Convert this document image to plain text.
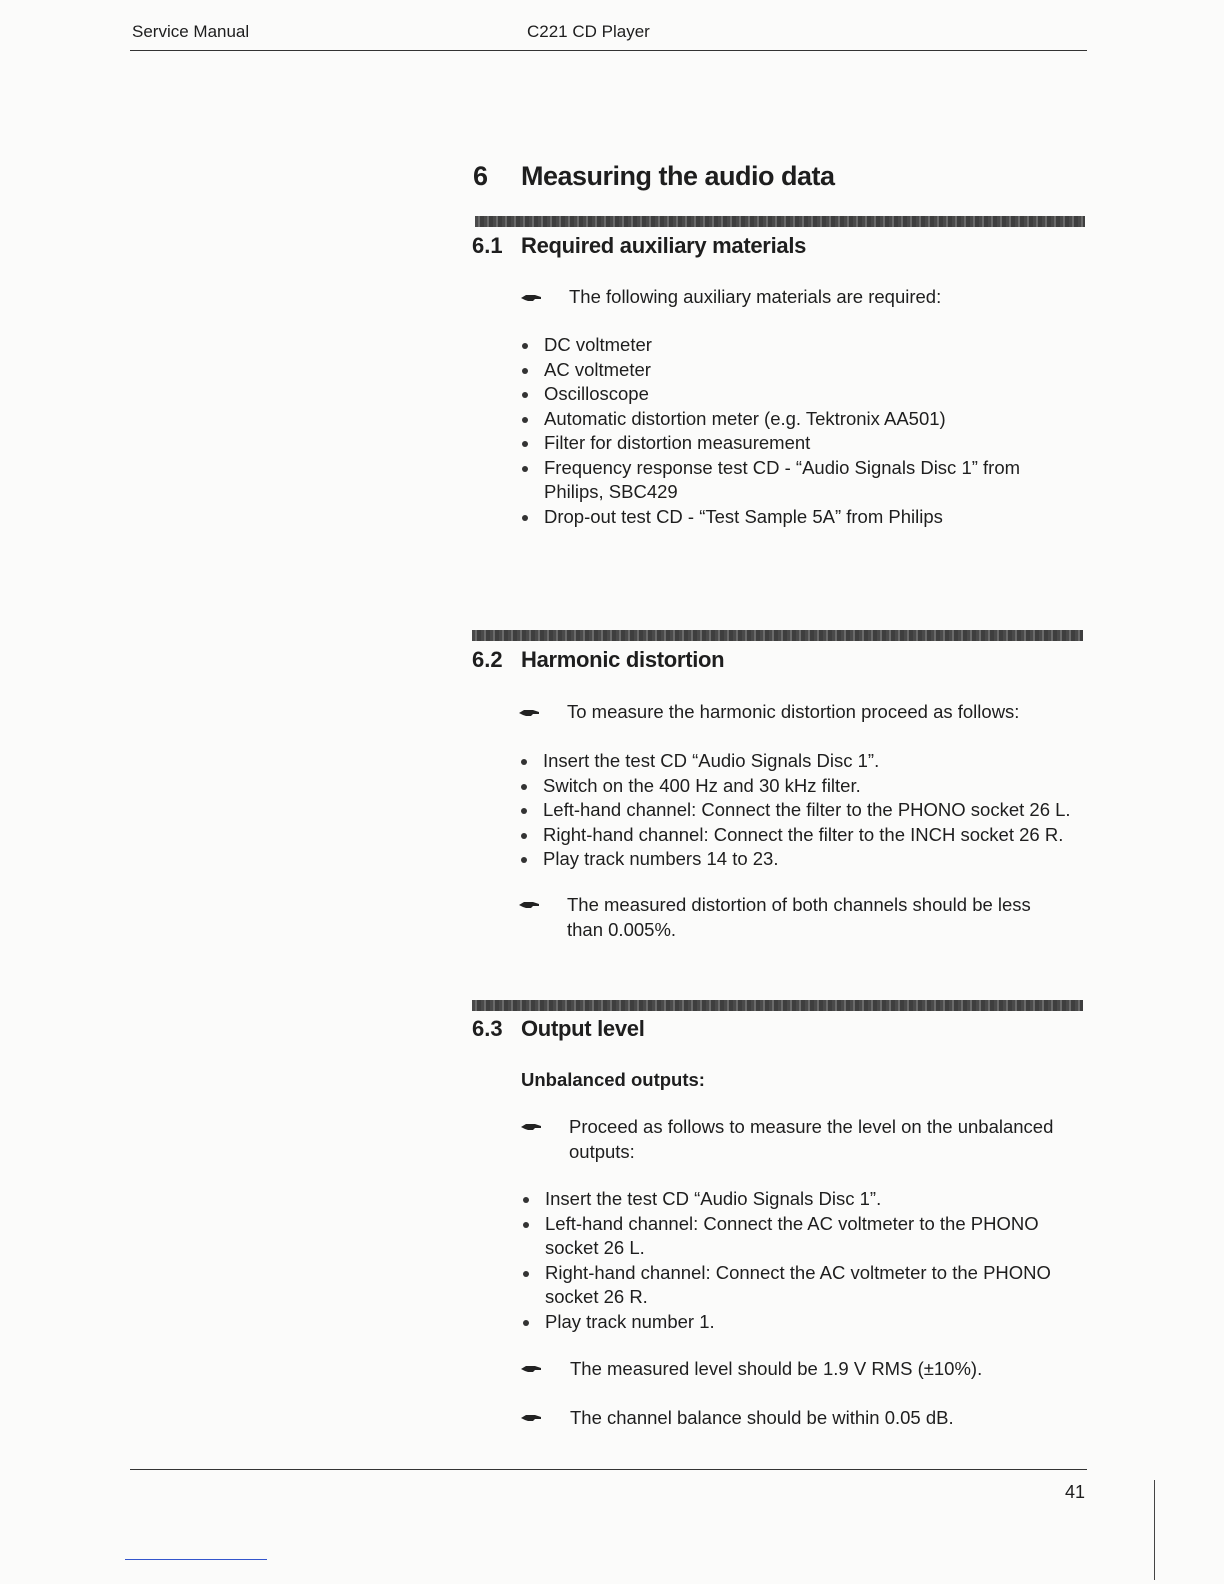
Service Manual	C221 CD Player
6 Measuring the audio data
6.1 Required auxiliary materials
The following auxiliary materials are required:
DC voltmeter
AC voltmeter
Oscilloscope
Automatic distortion meter (e.g. Tektronix AA501)
Filter for distortion measurement
Frequency response test CD - “Audio Signals Disc 1” from Philips, SBC429
Drop-out test CD - “Test Sample 5A” from Philips
6.2 Harmonic distortion
To measure the harmonic distortion proceed as follows:
Insert the test CD “Audio Signals Disc 1”.
Switch on the 400 Hz and 30 kHz filter.
Left-hand channel: Connect the filter to the PHONO socket 26 L.
Right-hand channel: Connect the filter to the INCH socket 26 R.
Play track numbers 14 to 23.
The measured distortion of both channels should be less than 0.005%.
6.3 Output level
Unbalanced outputs:
Proceed as follows to measure the level on the unbalanced outputs:
Insert the test CD “Audio Signals Disc 1”.
Left-hand channel: Connect the AC voltmeter to the PHONO socket 26 L.
Right-hand channel: Connect the AC voltmeter to the PHONO socket 26 R.
Play track number 1.
The measured level should be 1.9 V RMS (±10%).
The channel balance should be within 0.05 dB.
41
